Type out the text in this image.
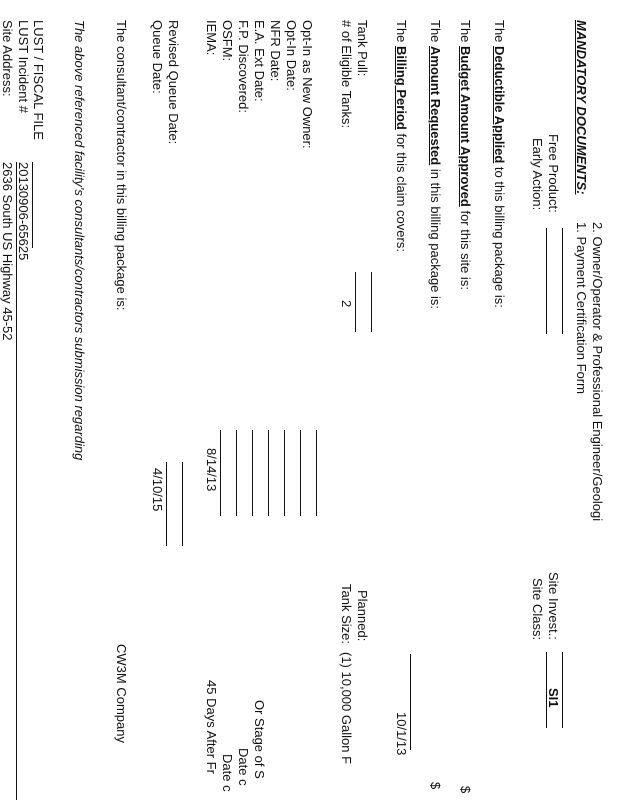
Site Address:
2636 South US Highway 45-52
LUST Incident #
20130906-65625
LUST / FISCAL FILE The above referenced facility's consultants/contractors submission regarding The consultant/contractor in this billing package is:
CW3M Company
Queue Date:
4/10/15
Revised Queue Date: IEMA:
8/14/13
45 Days After Fr
OSFM:
Date c
F.P. Discovered:
Date c
E.A. Ext Date:
Or Stage of S
NFR Date: Opt-In Date: Opt-In as New Owner: # of Eligible Tanks:
2
Tank Size:
(1) 10,000 Gallon F
Tank Pull:
Planned:
The Billing Period for this claim covers:
10/1/13
The Amount Requested in this billing package is:
$
The Budget Amount Approved for this site is:
$
The Deductible Applied to this billing package is: Early Action:
Site Class:
Free Product:
Site Invest.:
SI1
MANDATORY DOCUMENTS:
1. Payment Certification Form 2. Owner/Operator & Professional Engineer/Geologi
